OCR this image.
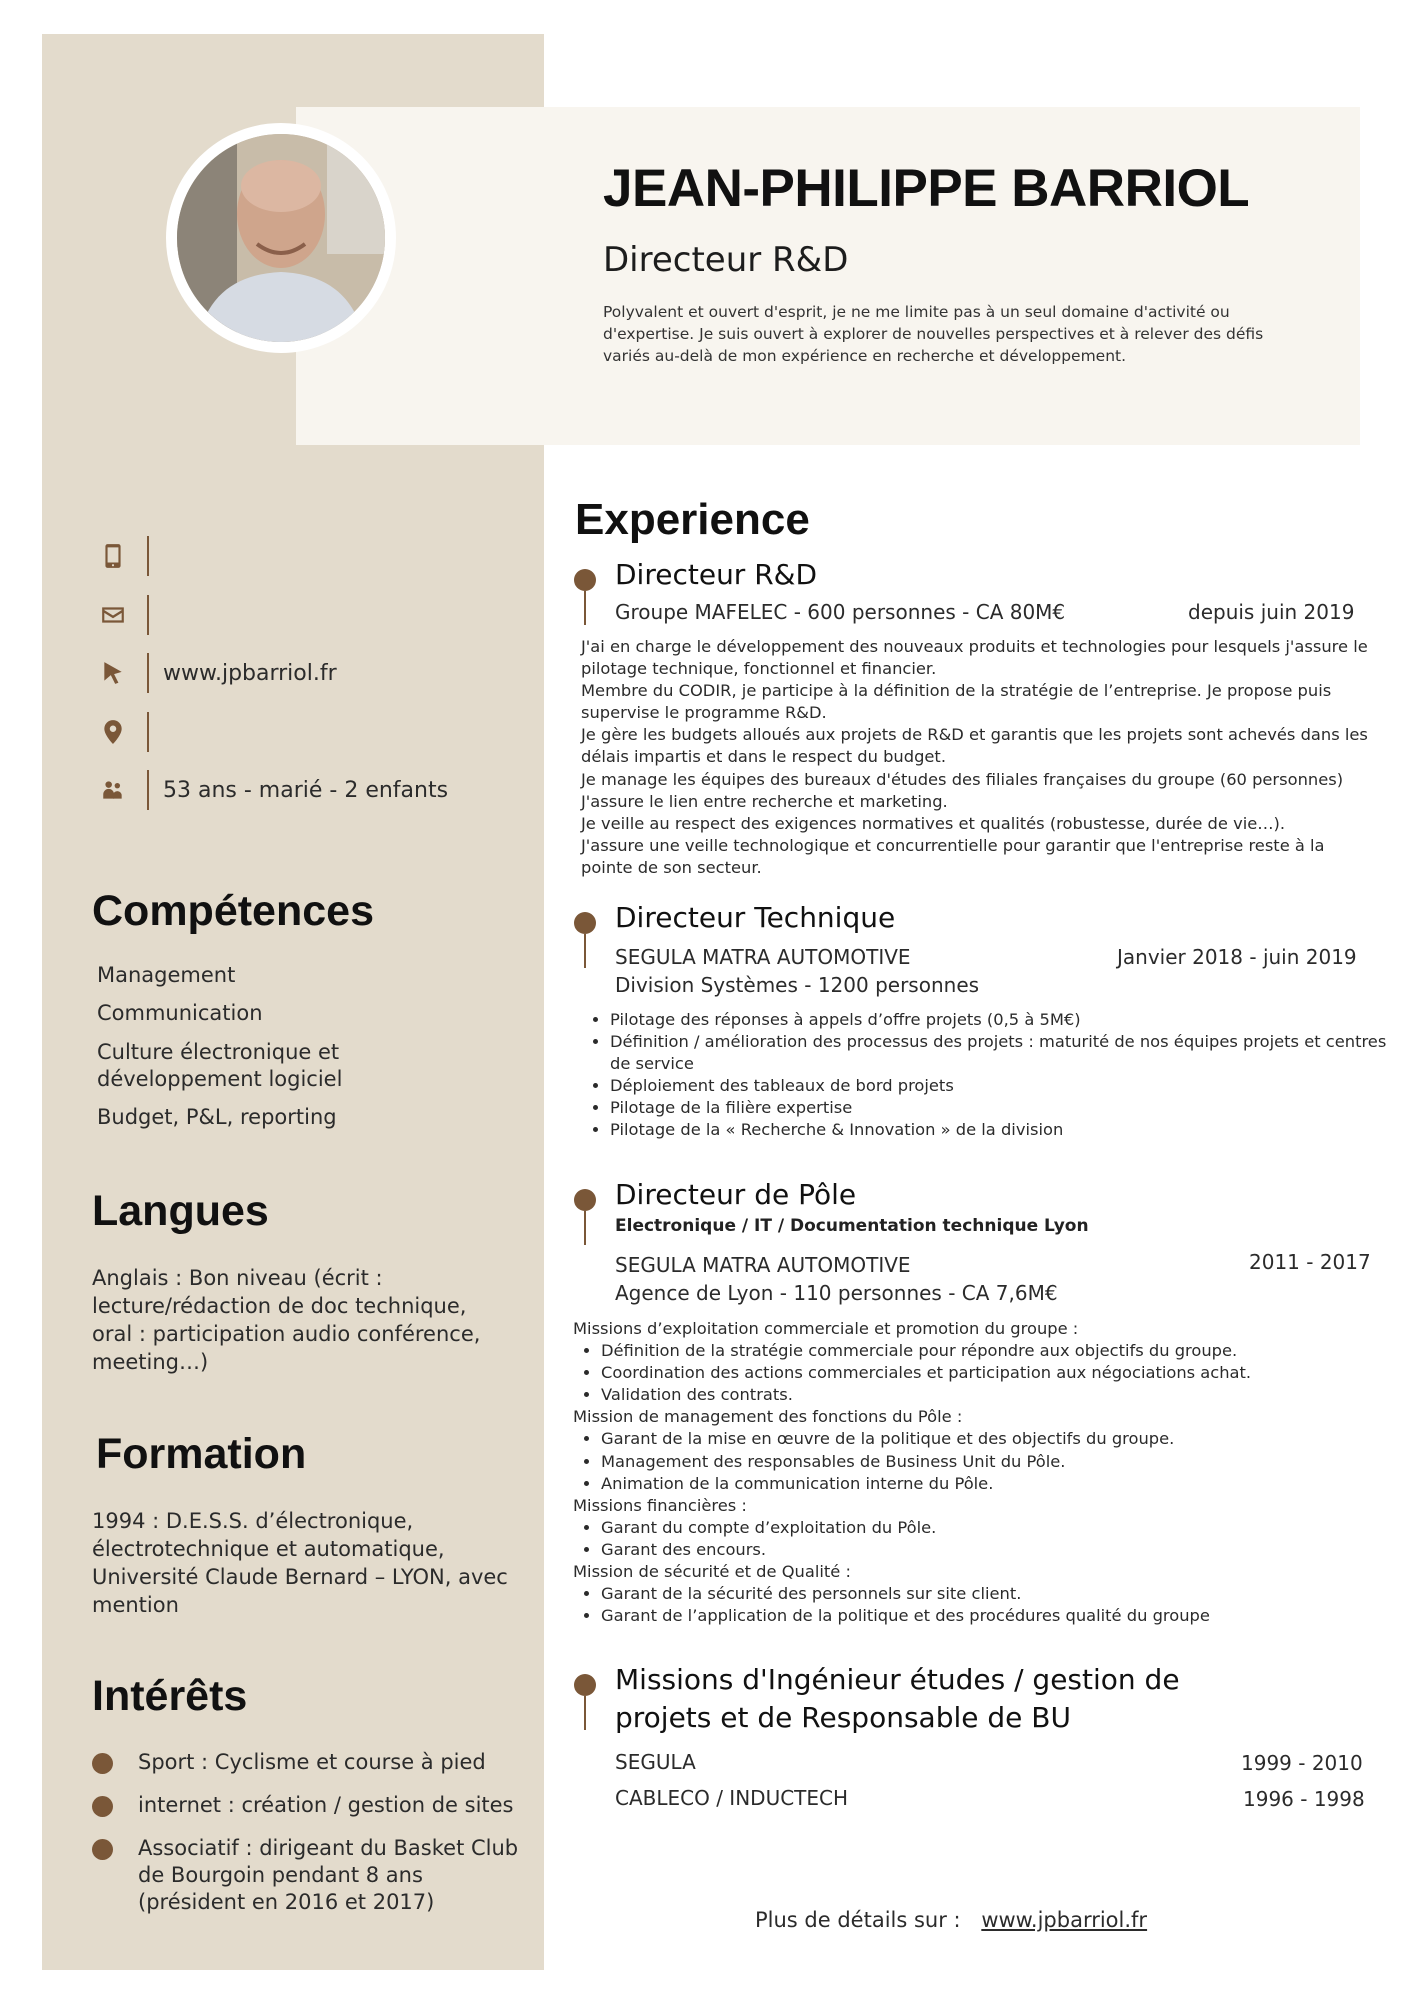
JEAN-PHILIPPE BARRIOL
Directeur R&D
Polyvalent et ouvert d'esprit, je ne me limite pas à un seul domaine d'activité ou d'expertise. Je suis ouvert à explorer de nouvelles perspectives et à relever des défis variés au-delà de mon expérience en recherche et développement.
www.jpbarriol.fr
53 ans - marié - 2 enfants
Compétences
Management
Communication
Culture électronique et développement logiciel
Budget, P&L, reporting
Langues
Anglais : Bon niveau (écrit : lecture/rédaction de doc technique, oral : participation audio conférence, meeting…)
Formation
1994 : D.E.S.S. d’électronique, électrotechnique et automatique, Université Claude Bernard – LYON, avec mention
Intérêts
Sport : Cyclisme et course à pied
internet : création / gestion de sites
Associatif : dirigeant du Basket Club de Bourgoin pendant 8 ans (président en 2016 et 2017)
Experience
Directeur R&D
Groupe MAFELEC - 600 personnes - CA 80M€	depuis juin 2019

J'ai en charge le développement des nouveaux produits et technologies pour lesquels j'assure le pilotage technique, fonctionnel et financier.

Membre du CODIR, je participe à la définition de la stratégie de l’entreprise. Je propose puis supervise le programme R&D.

Je gère les budgets alloués aux projets de R&D et garantis que les projets sont achevés dans les délais impartis et dans le respect du budget.

Je manage les équipes des bureaux d'études des filiales françaises du groupe (60 personnes)

J'assure le lien entre recherche et marketing.

Je veille au respect des exigences normatives et qualités (robustesse, durée de vie…).

J'assure une veille technologique et concurrentielle pour garantir que l'entreprise reste à la pointe de son secteur.

Directeur Technique
SEGULA MATRA AUTOMOTIVE	Janvier 2018 - juin 2019
Division Systèmes - 1200 personnes
• Pilotage des réponses à appels d’offre projets (0,5 à 5M€)
• Définition / amélioration des processus des projets : maturité de nos équipes projets et centres de service
• Déploiement des tableaux de bord projets
• Pilotage de la filière expertise
• Pilotage de la « Recherche & Innovation » de la division
Directeur de Pôle
Electronique / IT / Documentation technique Lyon
SEGULA MATRA AUTOMOTIVE	2011 - 2017
Agence de Lyon - 110 personnes - CA 7,6M€

Missions d’exploitation commerciale et promotion du groupe :

• Définition de la stratégie commerciale pour répondre aux objectifs du groupe.
• Coordination des actions commerciales et participation aux négociations achat.
• Validation des contrats.

Mission de management des fonctions du Pôle :

• Garant de la mise en œuvre de la politique et des objectifs du groupe.
• Management des responsables de Business Unit du Pôle.
• Animation de la communication interne du Pôle.

Missions financières :

• Garant du compte d’exploitation du Pôle.
• Garant des encours.

Mission de sécurité et de Qualité :

• Garant de la sécurité des personnels sur site client.
• Garant de l’application de la politique et des procédures qualité du groupe
Missions d'Ingénieur études / gestion de
projets et de Responsable de BU
SEGULA	1999 - 2010
CABLECO / INDUCTECH	1996 - 1998
Plus de détails sur : www.jpbarriol.fr
